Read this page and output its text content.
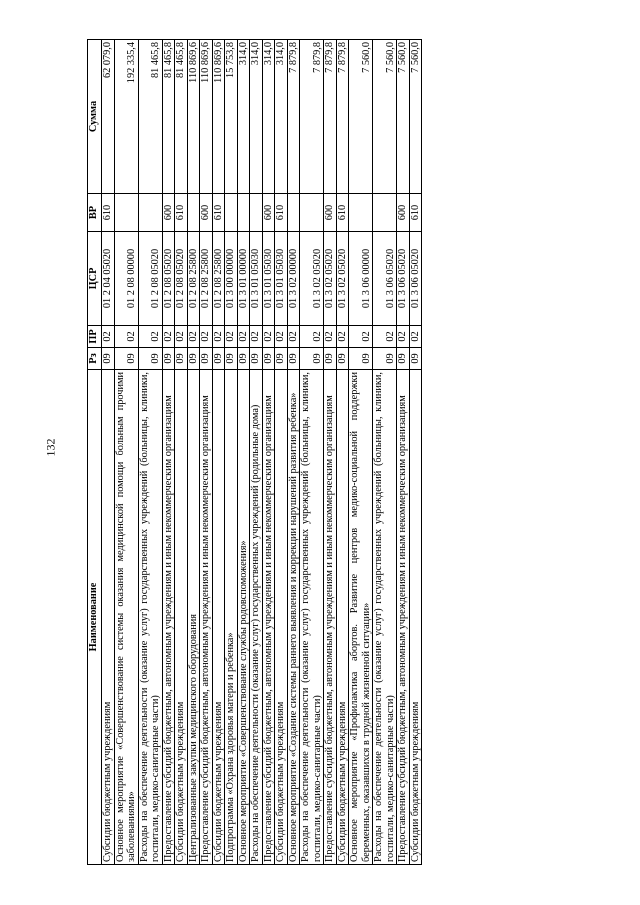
132
Наименование	Рз	ПР	ЦСР	ВР	Сумма
Субсидии бюджетным учреждениям	09	02	01 2 04 05020	610	62 079,0
Основное мероприятие «Совершенствование системы оказания медицинской помощи больным прочими заболеваниями»	09	02	01 2 08 00000		192 335,4
Расходы на обеспечение деятельности (оказание услуг) государственных учреждений (больницы, клиники, госпитали, медико-санитарные части)	09	02	01 2 08 05020		81 465,8
Предоставление субсидий бюджетным, автономным учреждениям и иным некоммерческим организациям	09	02	01 2 08 05020	600	81 465,8
Субсидии бюджетным учреждениям	09	02	01 2 08 05020	610	81 465,8
Централизованные закупки медицинского оборудования	09	02	01 2 08 25800		110 869,6
Предоставление субсидий бюджетным, автономным учреждениям и иным некоммерческим организациям	09	02	01 2 08 25800	600	110 869,6
Субсидии бюджетным учреждениям	09	02	01 2 08 25800	610	110 869,6
Подпрограмма «Охрана здоровья матери и ребенка»	09	02	01 3 00 00000		15 753,8
Основное мероприятие «Совершенствование службы родовспоможения»	09	02	01 3 01 00000		314,0
Расходы на обеспечение деятельности (оказание услуг) государственных учреждений (родильные дома)	09	02	01 3 01 05030		314,0
Предоставление субсидий бюджетным, автономным учреждениям и иным некоммерческим организациям	09	02	01 3 01 05030	600	314,0
Субсидии бюджетным учреждениям	09	02	01 3 01 05030	610	314,0
Основное мероприятие «Создание системы раннего выявления и коррекции нарушений развития ребенка»	09	02	01 3 02 00000		7 879,8
Расходы на обеспечение деятельности (оказание услуг) государственных учреждений (больницы, клиники, госпитали, медико-санитарные части)	09	02	01 3 02 05020		7 879,8
Предоставление субсидий бюджетным, автономным учреждениям и иным некоммерческим организациям	09	02	01 3 02 05020	600	7 879,8
Субсидии бюджетным учреждениям	09	02	01 3 02 05020	610	7 879,8
Основное мероприятие «Профилактика абортов. Развитие центров медико-социальной поддержки беременных, оказавшихся в трудной жизненной ситуации»	09	02	01 3 06 00000		7 560,0
Расходы на обеспечение деятельности (оказание услуг) государственных учреждений (больницы, клиники, госпитали, медико-санитарные части)	09	02	01 3 06 05020		7 560,0
Предоставление субсидий бюджетным, автономным учреждениям и иным некоммерческим организациям	09	02	01 3 06 05020	600	7 560,0
Субсидии бюджетным учреждениям	09	02	01 3 06 05020	610	7 560,0
